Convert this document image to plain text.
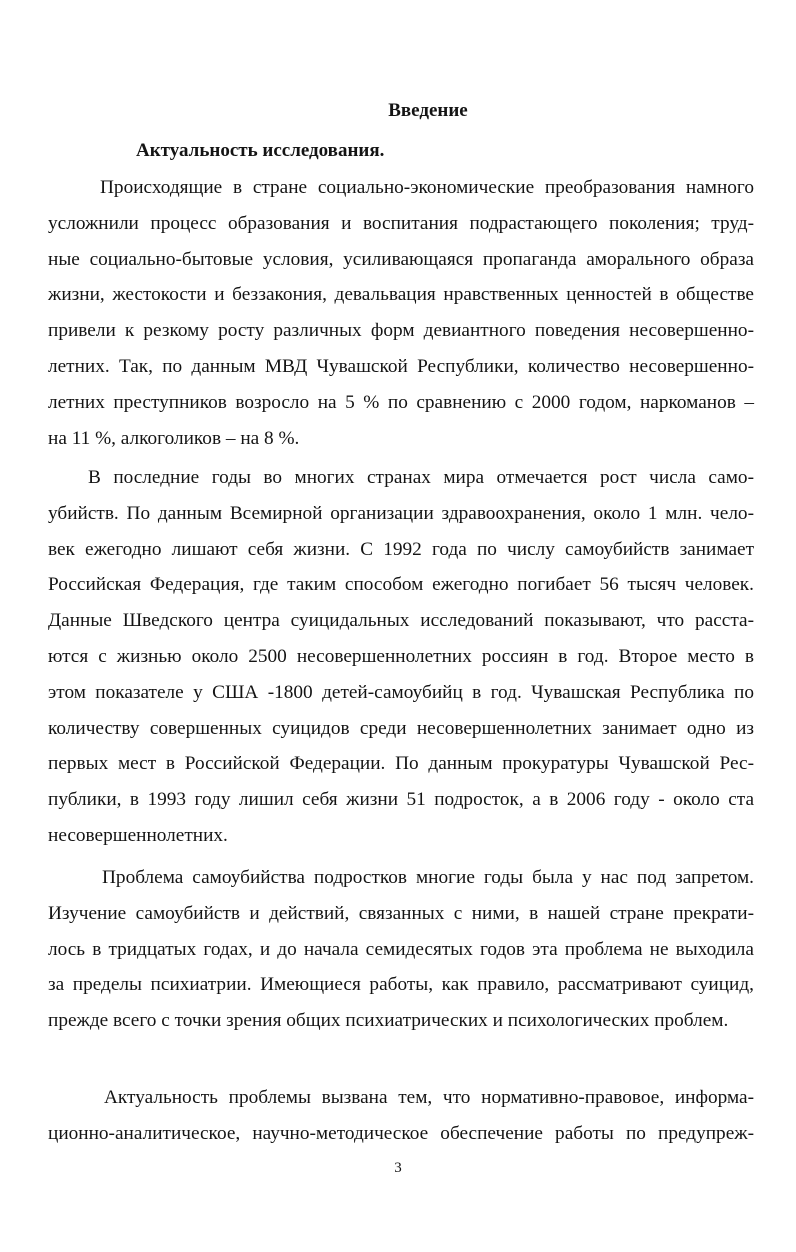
Введение
Актуальность исследования.
Происходящие в стране социально-экономические преобразования намного
усложнили процесс образования и воспитания подрастающего поколения; труд-
ные социально-бытовые условия, усиливающаяся пропаганда аморального образа
жизни, жестокости и беззакония, девальвация нравственных ценностей в обществе
привели к резкому росту различных форм девиантного поведения несовершенно-
летних. Так, по данным МВД Чувашской Республики, количество несовершенно-
летних преступников возросло на 5 % по сравнению с 2000 годом, наркоманов –
на 11 %, алкоголиков – на 8 %.
В последние годы во многих странах мира отмечается рост числа само-
убийств. По данным Всемирной организации здравоохранения, около 1 млн. чело-
век ежегодно лишают себя жизни. С 1992 года по числу самоубийств занимает
Российская Федерация, где таким способом ежегодно погибает 56 тысяч человек.
Данные Шведского центра суицидальных исследований показывают, что расста-
ются с жизнью около 2500 несовершеннолетних россиян в год. Второе место в
этом показателе у США -1800 детей-самоубийц в год. Чувашская Республика по
количеству совершенных суицидов среди несовершеннолетних занимает одно из
первых мест в Российской Федерации. По данным прокуратуры Чувашской Рес-
публики, в 1993 году лишил себя жизни 51 подросток, а в 2006 году - около ста
несовершеннолетних.
Проблема самоубийства подростков многие годы была у нас под запретом.
Изучение самоубийств и действий, связанных с ними, в нашей стране прекрати-
лось в тридцатых годах, и до начала семидесятых годов эта проблема не выходила
за пределы психиатрии. Имеющиеся работы, как правило, рассматривают суицид,
прежде всего с точки зрения общих психиатрических и психологических проблем.
Актуальность проблемы вызвана тем, что нормативно-правовое, информа-
ционно-аналитическое, научно-методическое обеспечение работы по предупреж-
3
